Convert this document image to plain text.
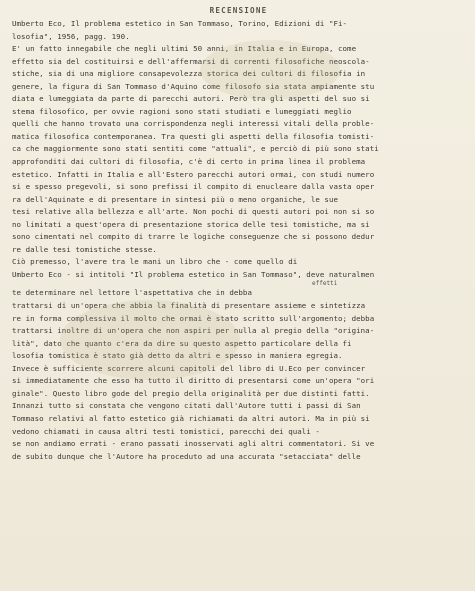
RECENSIONE
Umberto Eco, Il problema estetico in San Tommaso, Torino, Edizioni di "Fi-
losofia", 1956, pagg. 190.
E' un fatto innegabile che negli ultimi 50 anni, in Italia e in Europa, come
effetto sia del costituirsi e dell'affermarsi di correnti filosofiche neoscola-
stiche, sia di una migliore consapevolezza storica dei cultori di filosofia in
genere, la figura di San Tommaso d'Aquino come filosofo sia stata ampiamente stu
diata e lumeggiata da parte di parecchi autori. Però tra gli aspetti del suo si
stema filosofico, per ovvie ragioni sono stati studiati e lumeggiati meglio
quelli che hanno trovato una corrispondenza negli interessi vitali della proble-
matica filosofica contemporanea. Tra questi gli aspetti della filosofia tomisti-
ca che maggiormente sono stati sentiti come "attuali", e perciò di più sono stati
approfonditi dai cultori di filosofia, c'è di certo in prima linea il problema
estetico. Infatti in Italia e all'Estero parecchi autori ormai, con studi numero
si e spesso pregevoli, si sono prefissi il compito di enucleare dalla vasta oper
ra dell'Aquinate e di presentare in sintesi più o meno organiche, le sue
tesi relative alla bellezza e all'arte. Non pochi di questi autori poi non si so
no limitati a quest'opera di presentazione storica delle tesi tomistiche, ma si
sono cimentati nel compito di trarre le logiche conseguenze che si possono dedur
re dalle tesi tomistiche stesse.
Ciò premesso, l'avere tra le mani un libro che - come quello di
Umberto Eco - si intitoli "Il problema estetico in San Tommaso", deve naturalmen
effetti
te determinare nel lettore l'aspettativa che in debba
trattarsi di un'opera che abbia la finalità di presentare assieme e sintetizza
re in forma complessiva il molto che ormai è stato scritto sull'argomento; debba
trattarsi inoltre di un'opera che non aspiri per nulla al pregio della "origina-
lità", dato che quanto c'era da dire su questo aspetto particolare della fi
losofia tomistica è stato già detto da altri e spesso in maniera egregia.
Invece è sufficiente scorrere alcuni capitoli del libro di U.Eco per convincer
si immediatamente che esso ha tutto il diritto di presentarsi come un'opera "ori
ginale". Questo libro gode del pregio della originalità per due distinti fatti.
Innanzi tutto si constata che vengono citati dall'Autore tutti i passi di San
Tommaso relativi al fatto estetico già richiamati da altri autori. Ma in più si
vedono chiamati in causa altri testi tomistici, parecchi dei quali -
se non andiamo errati - erano passati inosservati agli altri commentatori. Si ve
de subito dunque che l'Autore ha proceduto ad una accurata "setacciata" delle
